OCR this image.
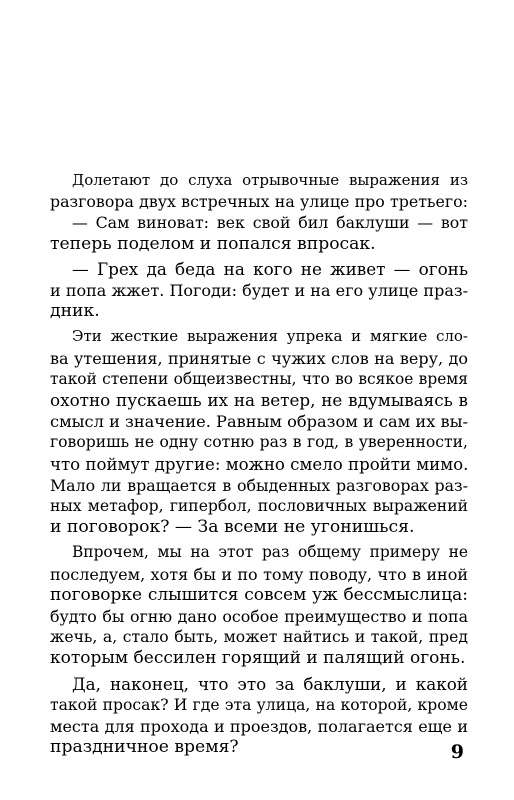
Долетают до слуха отрывочные выражения из
разговора двух встречных на улице про третьего:
— Сам виноват: век свой бил баклуши — вот
теперь поделом и попался впросак.
— Грех да беда на кого не живет — огонь
и попа жжет. Погоди: будет и на его улице праз-
дник.
Эти жесткие выражения упрека и мягкие сло-
ва утешения, принятые с чужих слов на веру, до
такой степени общеизвестны, что во всякое время
охотно пускаешь их на ветер, не вдумываясь в
смысл и значение. Равным образом и сам их вы-
говоришь не одну сотню раз в год, в уверенности,
что поймут другие: можно смело пройти мимо.
Мало ли вращается в обыденных разговорах раз-
ных метафор, гипербол, пословичных выражений
и поговорок? — За всеми не угонишься.
Впрочем, мы на этот раз общему примеру не
последуем, хотя бы и по тому поводу, что в иной
поговорке слышится совсем уж бессмыслица:
будто бы огню дано особое преимущество и попа
жечь, а, стало быть, может найтись и такой, пред
которым бессилен горящий и палящий огонь.
Да, наконец, что это за баклуши, и какой
такой просак? И где эта улица, на которой, кроме
места для прохода и проездов, полагается еще и
праздничное время?	9
